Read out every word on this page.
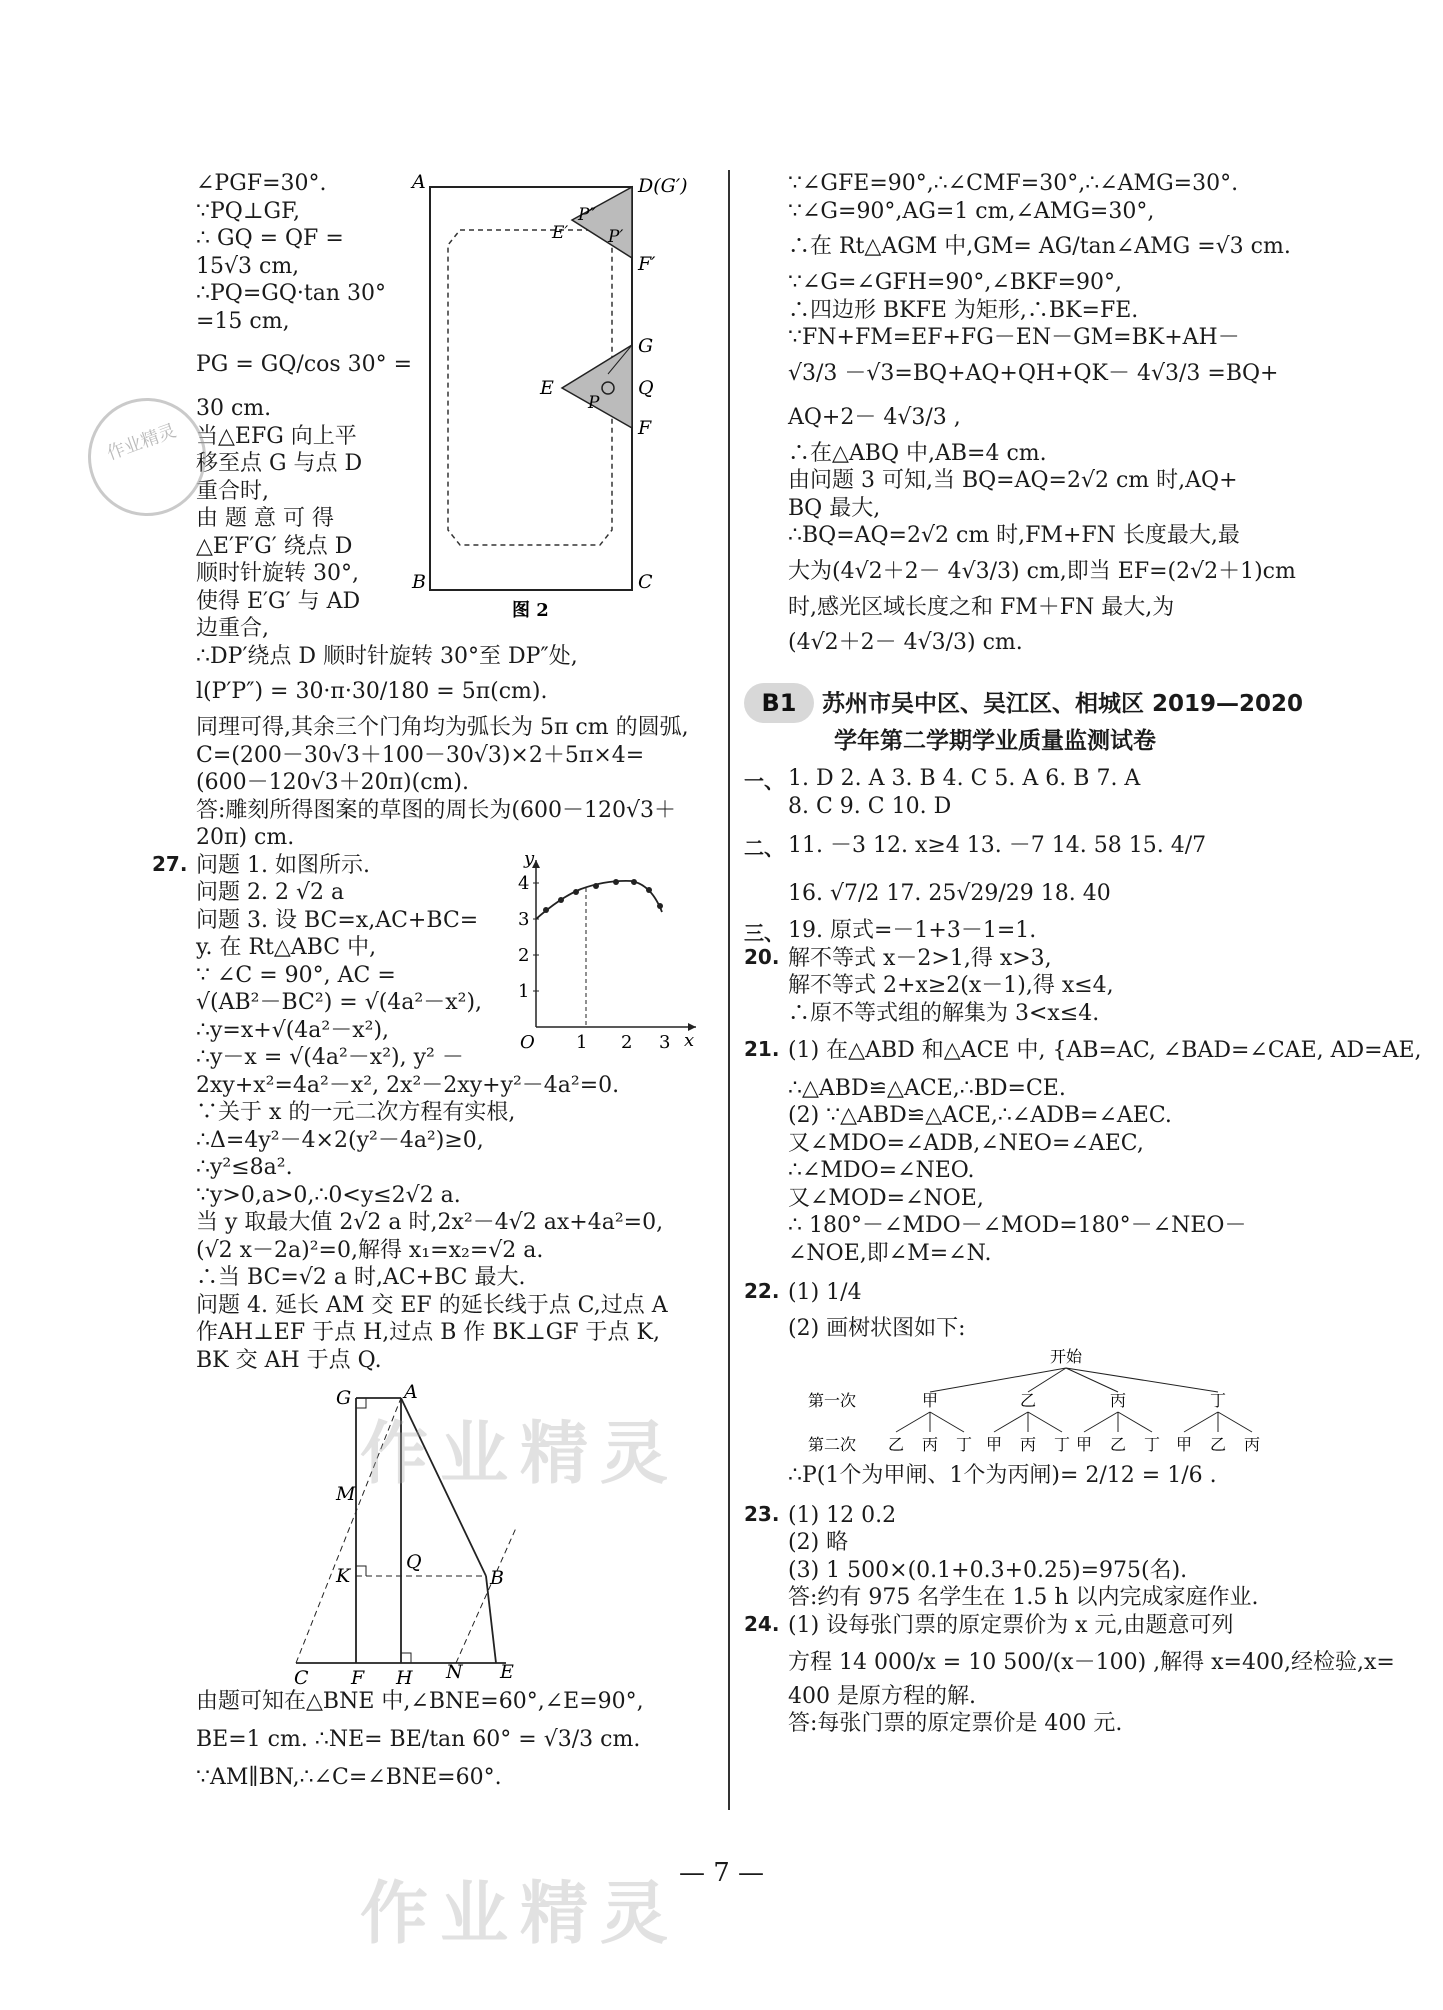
∠PGF=30°.

∵PQ⊥GF,

∴ GQ = QF =

15√3 cm,

∴PQ=GQ·tan 30°

=15 cm,

PG = GQ/cos 30° =

30 cm.

当△EFG 向上平

移至点 G 与点 D

重合时,

由 题 意 可 得

△E′F′G′ 绕点 D

顺时针旋转 30°,

使得 E′G′ 与 AD

边重合,

A	D(G′)
P″
E′ P′
F′
G
E	Q
P
F
B	C
图 2

∴DP′绕点 D 顺时针旋转 30°至 DP″处,

l(P′P″) = 30·π·30/180 = 5π(cm).

同理可得,其余三个门角均为弧长为 5π cm 的圆弧,

C=(200－30√3＋100－30√3)×2＋5π×4=

(600－120√3＋20π)(cm).

答:雕刻所得图案的草图的周长为(600－120√3＋

20π) cm.

27. 问题 1. 如图所示.

问题 2. 2 √2 a

问题 3. 设 BC=x,AC+BC=

y. 在 Rt△ABC 中,

∵ ∠C = 90°, AC =

√(AB²－BC²) = √(4a²－x²),

∴y=x+√(4a²－x²),

∴y－x = √(4a²－x²), y² －

y
4
3
2
1
O 1 2 3 x

2xy+x²=4a²－x², 2x²－2xy+y²－4a²=0.

∵关于 x 的一元二次方程有实根,

∴Δ=4y²－4×2(y²－4a²)≥0,

∴y²≤8a².

∵y>0,a>0,∴0<y≤2√2 a.

当 y 取最大值 2√2 a 时,2x²－4√2 ax+4a²=0,

(√2 x－2a)²=0,解得 x₁=x₂=√2 a.

∴当 BC=√2 a 时,AC+BC 最大.

问题 4. 延长 AM 交 EF 的延长线于点 C,过点 A

作AH⊥EF 于点 H,过点 B 作 BK⊥GF 于点 K,

BK 交 AH 于点 Q.

G	A
M
Q
K	B
C F H N E

由题可知在△BNE 中,∠BNE=60°,∠E=90°,

BE=1 cm. ∴NE= BE/tan 60° = √3/3 cm.

∵AM∥BN,∴∠C=∠BNE=60°.

∵∠GFE=90°,∴∠CMF=30°,∴∠AMG=30°.

∵∠G=90°,AG=1 cm,∠AMG=30°,

∴在 Rt△AGM 中,GM= AG/tan∠AMG =√3 cm.

∵∠G=∠GFH=90°,∠BKF=90°,

∴四边形 BKFE 为矩形,∴BK=FE.

∵FN+FM=EF+FG－EN－GM=BK+AH－

√3/3 －√3=BQ+AQ+QH+QK－ 4√3/3 =BQ+

AQ+2－ 4√3/3 ,

∴在△ABQ 中,AB=4 cm.

由问题 3 可知,当 BQ=AQ=2√2 cm 时,AQ+

BQ 最大,

∴BQ=AQ=2√2 cm 时,FM+FN 长度最大,最

大为(4√2＋2－ 4√3/3) cm,即当 EF=(2√2＋1)cm

时,感光区域长度之和 FM＋FN 最大,为

(4√2＋2－ 4√3/3) cm.

B1 苏州市吴中区、吴江区、相城区 2019—2020
学年第二学期学业质量监测试卷
一、 1. D 2. A 3. B 4. C 5. A 6. B 7. A

8. C 9. C 10. D

二、 11. －3 12. x≥4 13. －7 14. 58 15. 4/7

16. √7/2 17. 25√29/29 18. 40

三、 19. 原式=－1+3－1=1.

20. 解不等式 x－2>1,得 x>3,

解不等式 2+x≥2(x－1),得 x≤4,

∴原不等式组的解集为 3<x≤4.

21. (1) 在△ABD 和△ACE 中, {AB=AC, ∠BAD=∠CAE, AD=AE,

∴△ABD≌△ACE,∴BD=CE.

(2) ∵△ABD≌△ACE,∴∠ADB=∠AEC.

又∠MDO=∠ADB,∠NEO=∠AEC,

∴∠MDO=∠NEO.

又∠MOD=∠NOE,

∴ 180°－∠MDO－∠MOD=180°－∠NEO－

∠NOE,即∠M=∠N.

22. (1) 1/4

(2) 画树状图如下:

开始
第一次	甲	乙	丙	丁
第二次 乙 丙 丁 甲 丙 丁 甲 乙 丁 甲 乙 丙

∴P(1个为甲闸、1个为丙闸)= 2/12 = 1/6 .

23. (1) 12 0.2

(2) 略

(3) 1 500×(0.1+0.3+0.25)=975(名).

答:约有 975 名学生在 1.5 h 以内完成家庭作业.

24. (1) 设每张门票的原定票价为 x 元,由题意可列

方程 14 000/x = 10 500/(x－100) ,解得 x=400,经检验,x=

400 是原方程的解.

答:每张门票的原定票价是 400 元.

作业精灵
作业精灵
作业精灵
— 7 —
